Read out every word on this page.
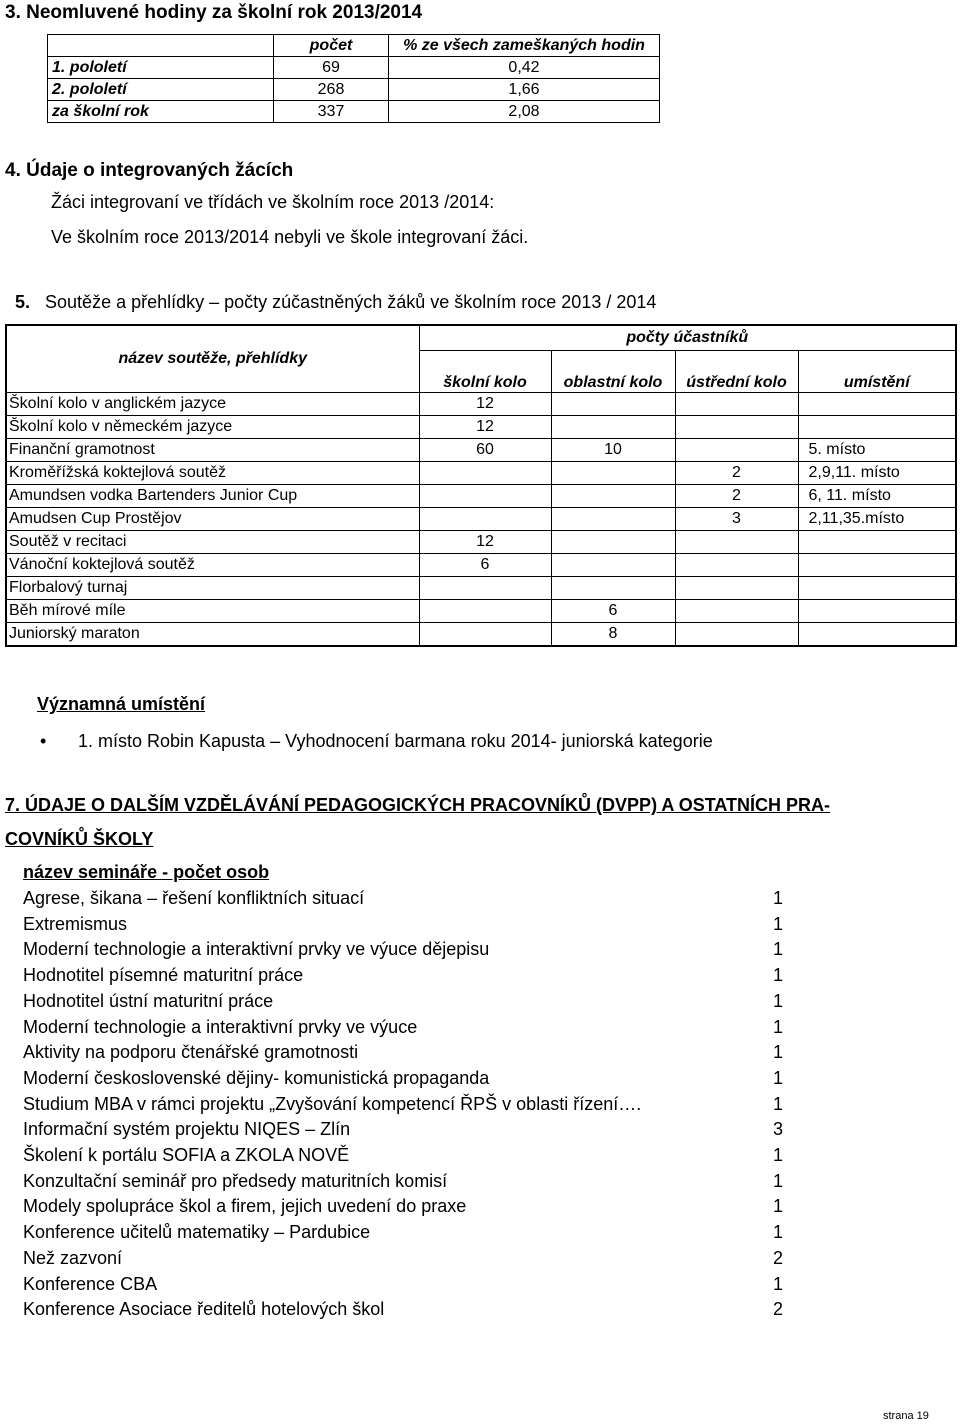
3. Neomluvené hodiny za školní rok 2013/2014
	počet	% ze všech zameškaných hodin
1. pololetí	69	0,42
2. pololetí	268	1,66
za školní rok	337	2,08
4. Údaje o integrovaných žácích
Žáci integrovaní ve třídách ve školním roce 2013 /2014:
Ve školním roce 2013/2014 nebyli ve škole integrovaní žáci.
5. Soutěže a přehlídky – počty zúčastněných žáků ve školním roce 2013 / 2014
název soutěže, přehlídky	počty účastníků			
	školní kolo	oblastní kolo	ústřední kolo	umístění
Školní kolo v anglickém jazyce	12			
Školní kolo v německém jazyce	12			
Finanční gramotnost	60	10		5. místo
Kroměřížská koktejlová soutěž			2	2,9,11. místo
Amundsen vodka Bartenders Junior Cup			2	6, 11. místo
Amudsen Cup Prostějov			3	2,11,35.místo
Soutěž v recitaci	12			
Vánoční koktejlová soutěž	6			
Florbalový turnaj				
Běh mírové míle		6		
Juniorský maraton		8		
Významná umístění
• 1. místo Robin Kapusta – Vyhodnocení barmana roku 2014- juniorská kategorie
7. ÚDAJE O DALŠÍM VZDĚLÁVÁNÍ PEDAGOGICKÝCH PRACOVNÍKŮ (DVPP) A OSTATNÍCH PRA-
COVNÍKŮ ŠKOLY
název semináře - počet osob
Agrese, šikana – řešení konfliktních situací	1
Extremismus	1
Moderní technologie a interaktivní prvky ve výuce dějepisu	1
Hodnotitel písemné maturitní práce	1
Hodnotitel ústní maturitní práce	1
Moderní technologie a interaktivní prvky ve výuce	1
Aktivity na podporu čtenářské gramotnosti	1
Moderní československé dějiny- komunistická propaganda	1
Studium MBA v rámci projektu „Zvyšování kompetencí ŘPŠ v oblasti řízení….	1
Informační systém projektu NIQES – Zlín	3
Školení k portálu SOFIA a ZKOLA NOVĚ	1
Konzultační seminář pro předsedy maturitních komisí	1
Modely spolupráce škol a firem, jejich uvedení do praxe	1
Konference učitelů matematiky – Pardubice	1
Než zazvoní	2
Konference CBA	1
Konference Asociace ředitelů hotelových škol	2
strana 19
